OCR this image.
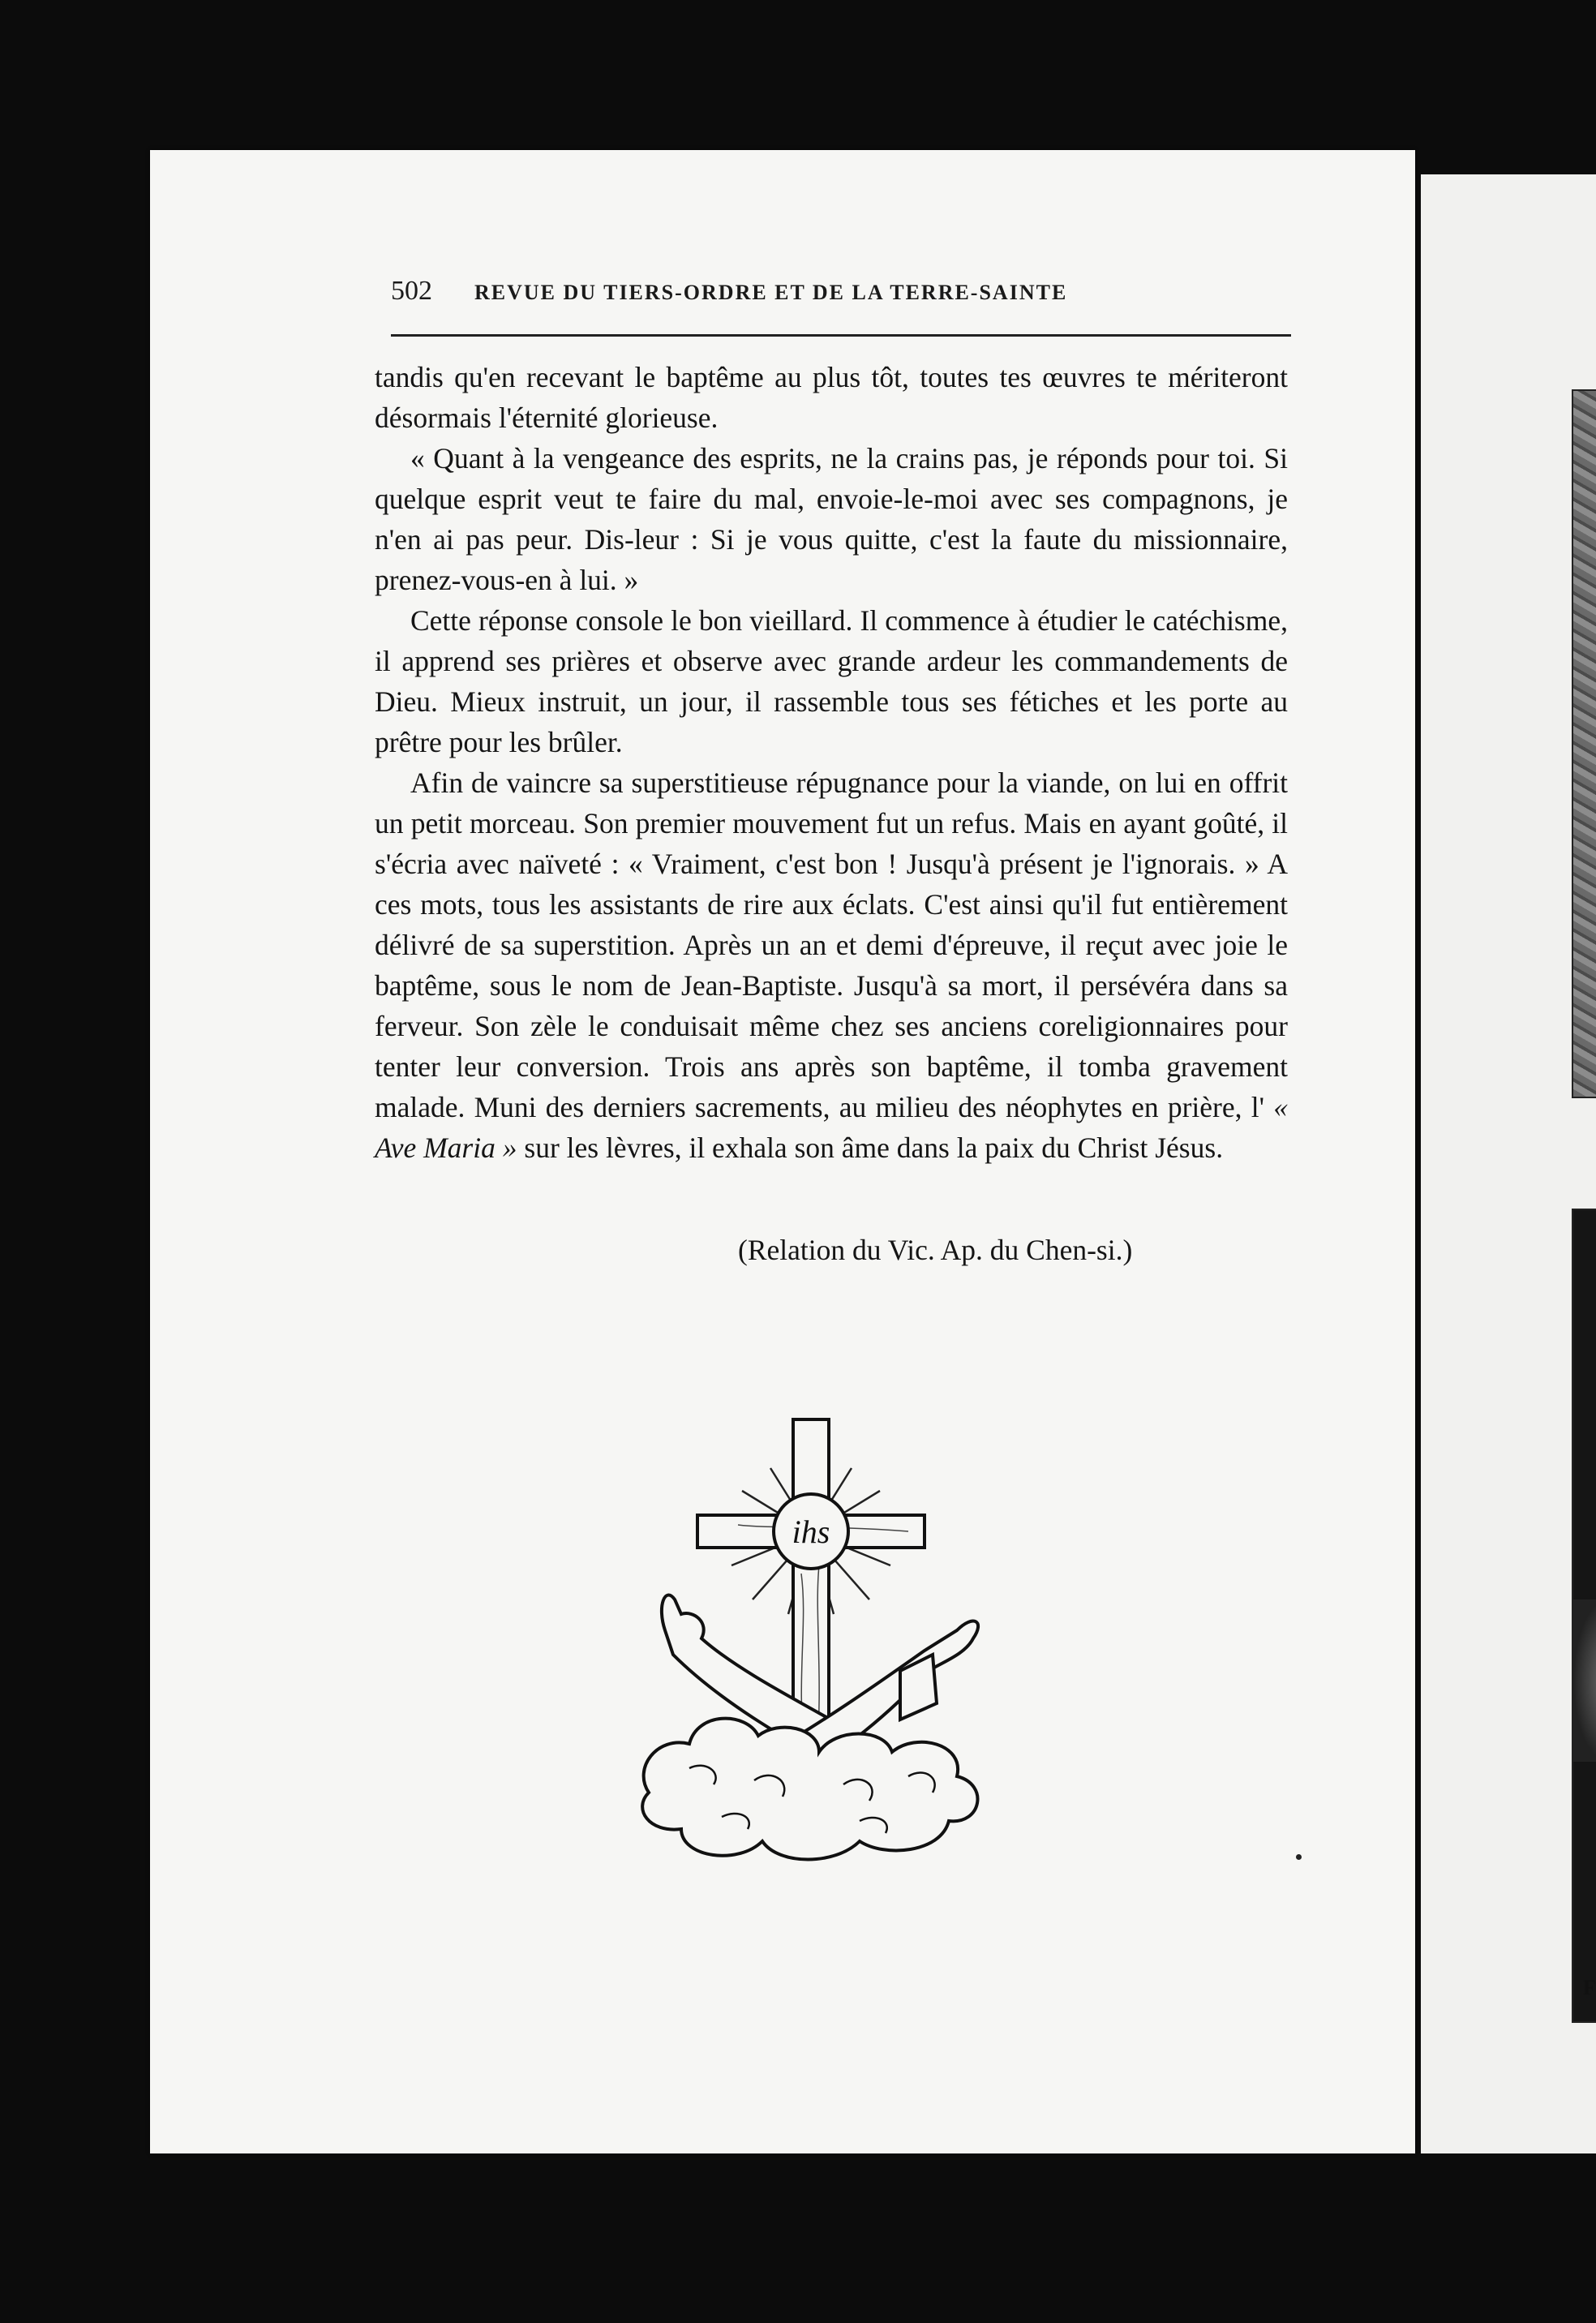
F
502 REVUE DU TIERS-ORDRE ET DE LA TERRE-SAINTE

tandis qu'en recevant le baptême au plus tôt, toutes tes œuvres te mériteront désormais l'éternité glorieuse.

« Quant à la vengeance des esprits, ne la crains pas, je réponds pour toi. Si quelque esprit veut te faire du mal, envoie-le-moi avec ses compagnons, je n'en ai pas peur. Dis-leur : Si je vous quitte, c'est la faute du missionnaire, prenez-vous-en à lui. »

Cette réponse console le bon vieillard. Il commence à étudier le catéchisme, il apprend ses prières et observe avec grande ardeur les commandements de Dieu. Mieux instruit, un jour, il rassemble tous ses fétiches et les porte au prêtre pour les brûler.

Afin de vaincre sa superstitieuse répugnance pour la viande, on lui en offrit un petit morceau. Son premier mouvement fut un refus. Mais en ayant goûté, il s'écria avec naïveté : « Vraiment, c'est bon ! Jusqu'à présent je l'ignorais. » A ces mots, tous les assistants de rire aux éclats. C'est ainsi qu'il fut entièrement délivré de sa superstition. Après un an et demi d'épreuve, il reçut avec joie le baptême, sous le nom de Jean-Baptiste. Jusqu'à sa mort, il persévéra dans sa ferveur. Son zèle le conduisait même chez ses anciens coreligionnaires pour tenter leur conversion. Trois ans après son baptême, il tomba gravement malade. Muni des derniers sacrements, au milieu des néophytes en prière, l' « Ave Maria » sur les lèvres, il exhala son âme dans la paix du Christ Jésus.

(Relation du Vic. Ap. du Chen-si.)
ihs
